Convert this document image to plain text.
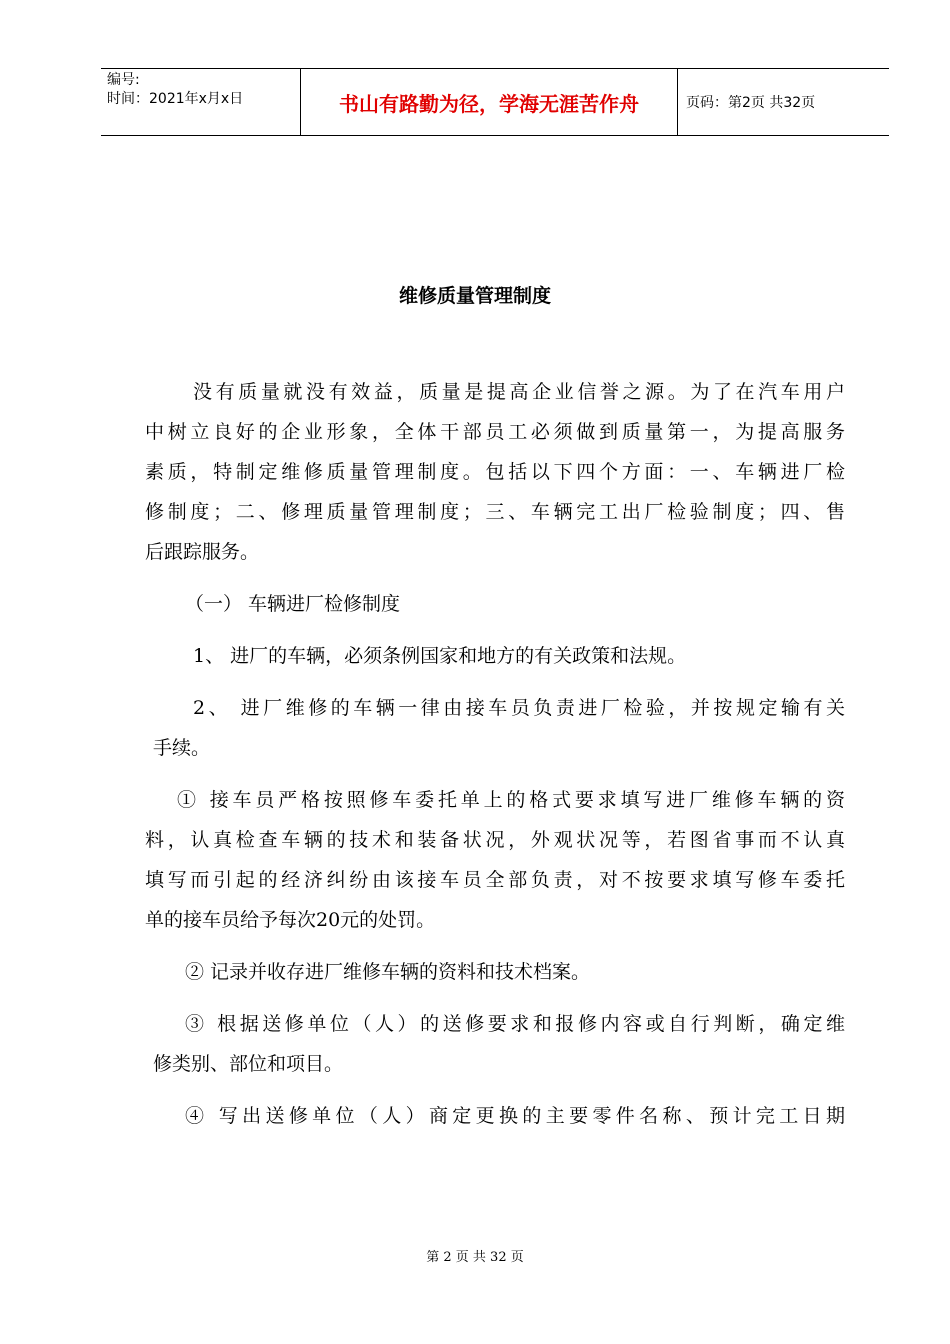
编号:
时间：2021年x月x日	书山有路勤为径，学海无涯苦作舟	页码：第2页 共32页
维修质量管理制度
没有质量就没有效益，质量是提高企业信誉之源。为了在汽车用户
中树立良好的企业形象，全体干部员工必须做到质量第一，为提高服务
素质，特制定维修质量管理制度。包括以下四个方面：一、车辆进厂检
修制度；二、修理质量管理制度；三、车辆完工出厂检验制度；四、售
后跟踪服务。
（一） 车辆进厂检修制度
1、 进厂的车辆，必须条例国家和地方的有关政策和法规。
2、 进厂维修的车辆一律由接车员负责进厂检验，并按规定输有关
手续。
① 接车员严格按照修车委托单上的格式要求填写进厂维修车辆的资
料，认真检查车辆的技术和装备状况，外观状况等，若图省事而不认真
填写而引起的经济纠纷由该接车员全部负责，对不按要求填写修车委托
单的接车员给予每次20元的处罚。
② 记录并收存进厂维修车辆的资料和技术档案。
③ 根据送修单位（人）的送修要求和报修内容或自行判断，确定维
修类别、部位和项目。
④ 写出送修单位（人）商定更换的主要零件名称、预计完工日期
第 2 页 共 32 页
